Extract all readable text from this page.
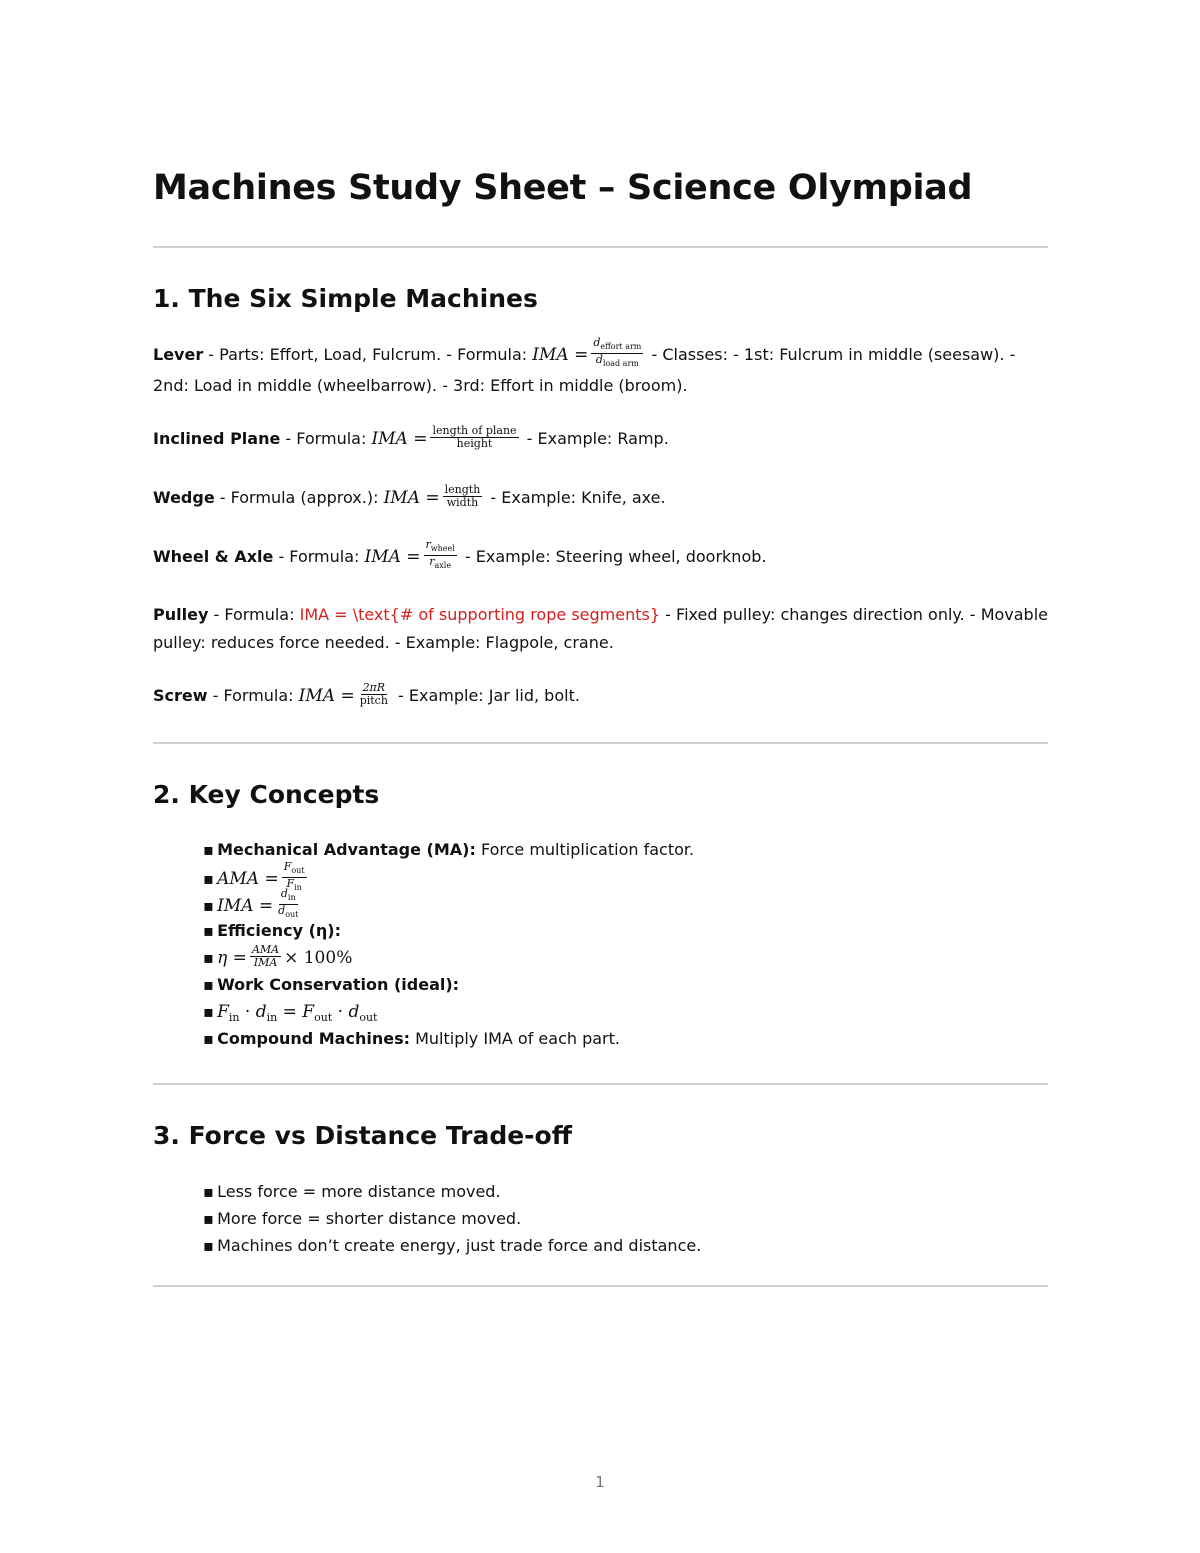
Machines Study Sheet – Science Olympiad
1. The Six Simple Machines
Lever - Parts: Effort, Load, Fulcrum. - Formula: IMA = $\frac{d_{effort arm}}{d_{load arm}}$ - Classes: - 1st: Fulcrum in middle (seesaw). - 2nd: Load in middle (wheelbarrow). - 3rd: Effort in middle (broom).
Inclined Plane - Formula: IMA = $\frac{\text{length of plane}}{\text{height}}$ - Example: Ramp.
Wedge - Formula (approx.): IMA = $\frac{\text{length}}{\text{width}}$ - Example: Knife, axe.
Wheel & Axle - Formula: IMA = $\frac{r_{wheel}}{r_{axle}}$ - Example: Steering wheel, doorknob.
Pulley - Formula: IMA = \text{# of supporting rope segments} - Fixed pulley: changes direction only. - Movable pulley: reduces force needed. - Example: Flagpole, crane.
Screw - Formula: IMA = $\frac{2\pi R}{\text{pitch}}$ - Example: Jar lid, bolt.
2. Key Concepts
▪ Mechanical Advantage (MA): Force multiplication factor.
▪ AMA = $\frac{F_{out}}{F_{in}}$
▪ IMA = $\frac{d_{in}}{d_{out}}$
▪ Efficiency (η):
▪ $\eta = \frac{\text{AMA}}{\text{IMA}} \times 100\%$
▪ Work Conservation (ideal):
▪ $F_{in} \cdot d_{in} = F_{out} \cdot d_{out}$
▪ Compound Machines: Multiply IMA of each part.
3. Force vs Distance Trade-off
▪ Less force = more distance moved.
▪ More force = shorter distance moved.
▪ Machines don’t create energy, just trade force and distance.
1
